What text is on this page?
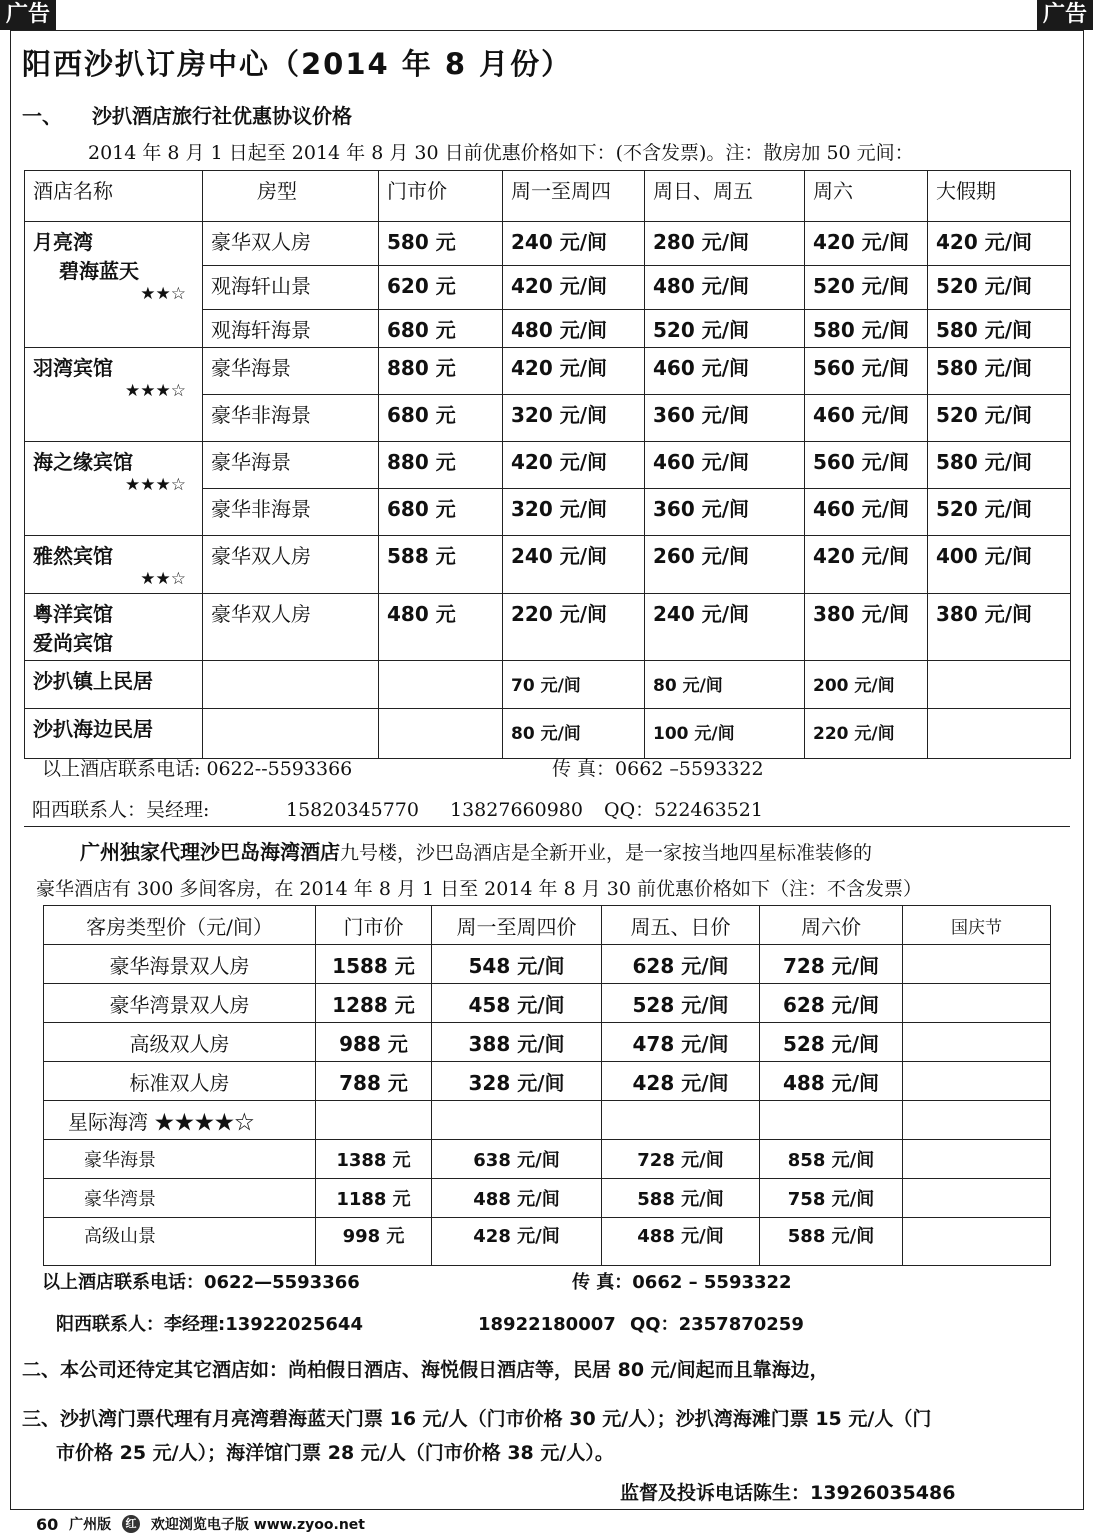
广告	广告
阳西沙扒订房中心（2014 年 8 月份）
一、 沙扒酒店旅行社优惠协议价格
2014 年 8 月 1 日起至 2014 年 8 月 30 日前优惠价格如下：(不含发票)。注：散房加 50 元间：
酒店名称	房型	门市价	周一至周四	周日、周五	周六	大假期

月亮湾
碧海蓝天
★★☆	豪华双人房	580 元	240 元/间	280 元/间	420 元/间	420 元/间
	观海轩山景	620 元	420 元/间	480 元/间	520 元/间	520 元/间
	观海轩海景	680 元	480 元/间	520 元/间	580 元/间	580 元/间

羽湾宾馆
★★★☆	豪华海景	880 元	420 元/间	460 元/间	560 元/间	580 元/间
	豪华非海景	680 元	320 元/间	360 元/间	460 元/间	520 元/间

海之缘宾馆
★★★☆	豪华海景	880 元	420 元/间	460 元/间	560 元/间	580 元/间
	豪华非海景	680 元	320 元/间	360 元/间	460 元/间	520 元/间

雅然宾馆
★★☆	豪华双人房	588 元	240 元/间	260 元/间	420 元/间	400 元/间

粤洋宾馆
爱尚宾馆	豪华双人房	480 元	220 元/间	240 元/间	380 元/间	380 元/间
沙扒镇上民居			70 元/间	80 元/间	200 元/间	
沙扒海边民居			80 元/间	100 元/间	220 元/间	
以上酒店联系电话: 0622--5593366	传 真：0662 –5593322
阳西联系人：吴经理:	15820345770 13827660980 QQ：522463521
广州独家代理沙巴岛海湾酒店九号楼，沙巴岛酒店是全新开业，是一家按当地四星标准装修的
豪华酒店有 300 多间客房，在 2014 年 8 月 1 日至 2014 年 8 月 30 前优惠价格如下（注：不含发票）
客房类型价（元/间）	门市价	周一至周四价	周五、日价	周六价	国庆节
豪华海景双人房	1588 元	548 元/间	628 元/间	728 元/间	
豪华湾景双人房	1288 元	458 元/间	528 元/间	628 元/间	
高级双人房	988 元	388 元/间	478 元/间	528 元/间	
标准双人房	788 元	328 元/间	428 元/间	488 元/间	
星际海湾 ★★★★☆					
豪华海景	1388 元	638 元/间	728 元/间	858 元/间	
豪华湾景	1188 元	488 元/间	588 元/间	758 元/间	
高级山景	998 元	428 元/间	488 元/间	588 元/间	
以上酒店联系电话：0622—5593366	传 真：0662 – 5593322
阳西联系人：李经理:13922025644	18922180007 QQ：2357870259
二、本公司还待定其它酒店如：尚柏假日酒店、海悦假日酒店等，民居 80 元/间起而且靠海边，
三、沙扒湾门票代理有月亮湾碧海蓝天门票 16 元/人（门市价格 30 元/人）；沙扒湾海滩门票 15 元/人（门
市价格 25 元/人）；海洋馆门票 28 元/人（门市价格 38 元/人）。
监督及投诉电话陈生：13926035486
60 广州版 红 欢迎浏览电子版 www.zyoo.net
